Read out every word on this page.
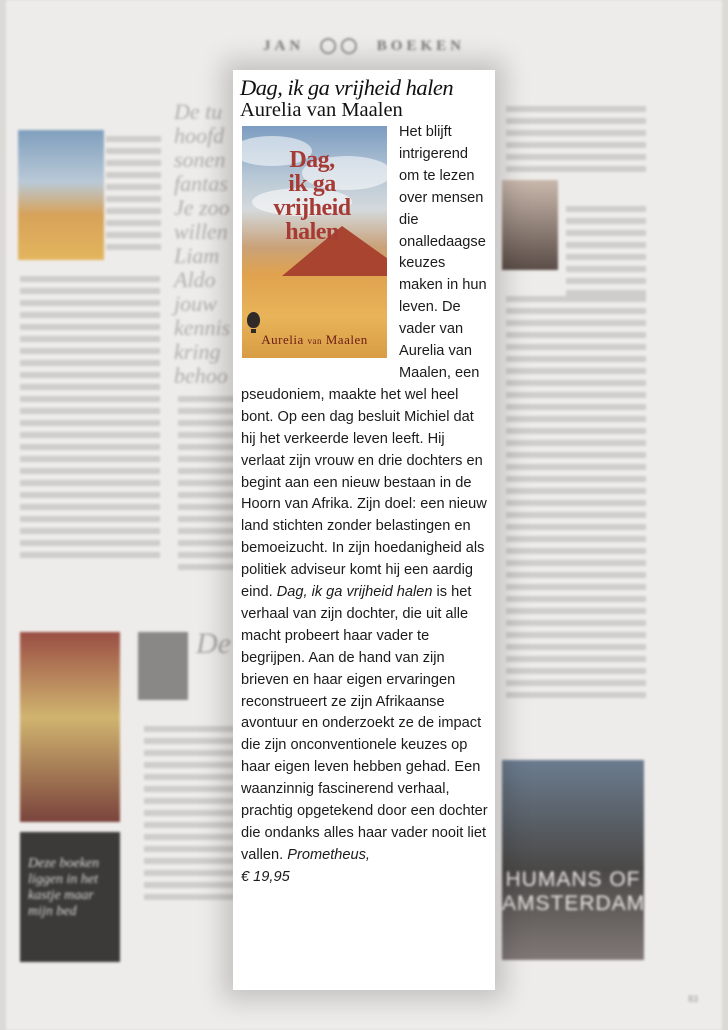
JAN  ◯◯  BOEKEN
De tu hoofd sonen fantas Je zoo willen Liam Aldo jouw kennis kring behoo
Deze boeken liggen in het kastje maar mijn bed
De
HUMANS OF AMSTERDAM
83
Dag, ik ga vrijheid halen
Aurelia van Maalen
Dag,
ik ga
vrijheid
halen
Aurelia van Maalen

Het blijft intrigerend om te lezen over mensen die onalledaagse keuzes maken in hun leven. De vader van Aurelia van Maalen, een pseudoniem, maakte het wel heel bont. Op een dag besluit Michiel dat hij het verkeerde leven leeft. Hij verlaat zijn vrouw en drie dochters en begint aan een nieuw bestaan in de Hoorn van Afrika. Zijn doel: een nieuw land stichten zonder belastingen en bemoeizucht. In zijn hoedanigheid als politiek adviseur komt hij een aardig eind. Dag, ik ga vrijheid halen is het verhaal van zijn dochter, die uit alle macht probeert haar vader te begrijpen. Aan de hand van zijn brieven en haar eigen ervaringen reconstrueert ze zijn Afrikaanse avontuur en onderzoekt ze de impact die zijn onconventionele keuzes op haar eigen leven hebben gehad. Een waanzinnig fascinerend verhaal, prachtig opgetekend door een dochter die ondanks alles haar vader nooit liet vallen. Prometheus,
€ 19,95
